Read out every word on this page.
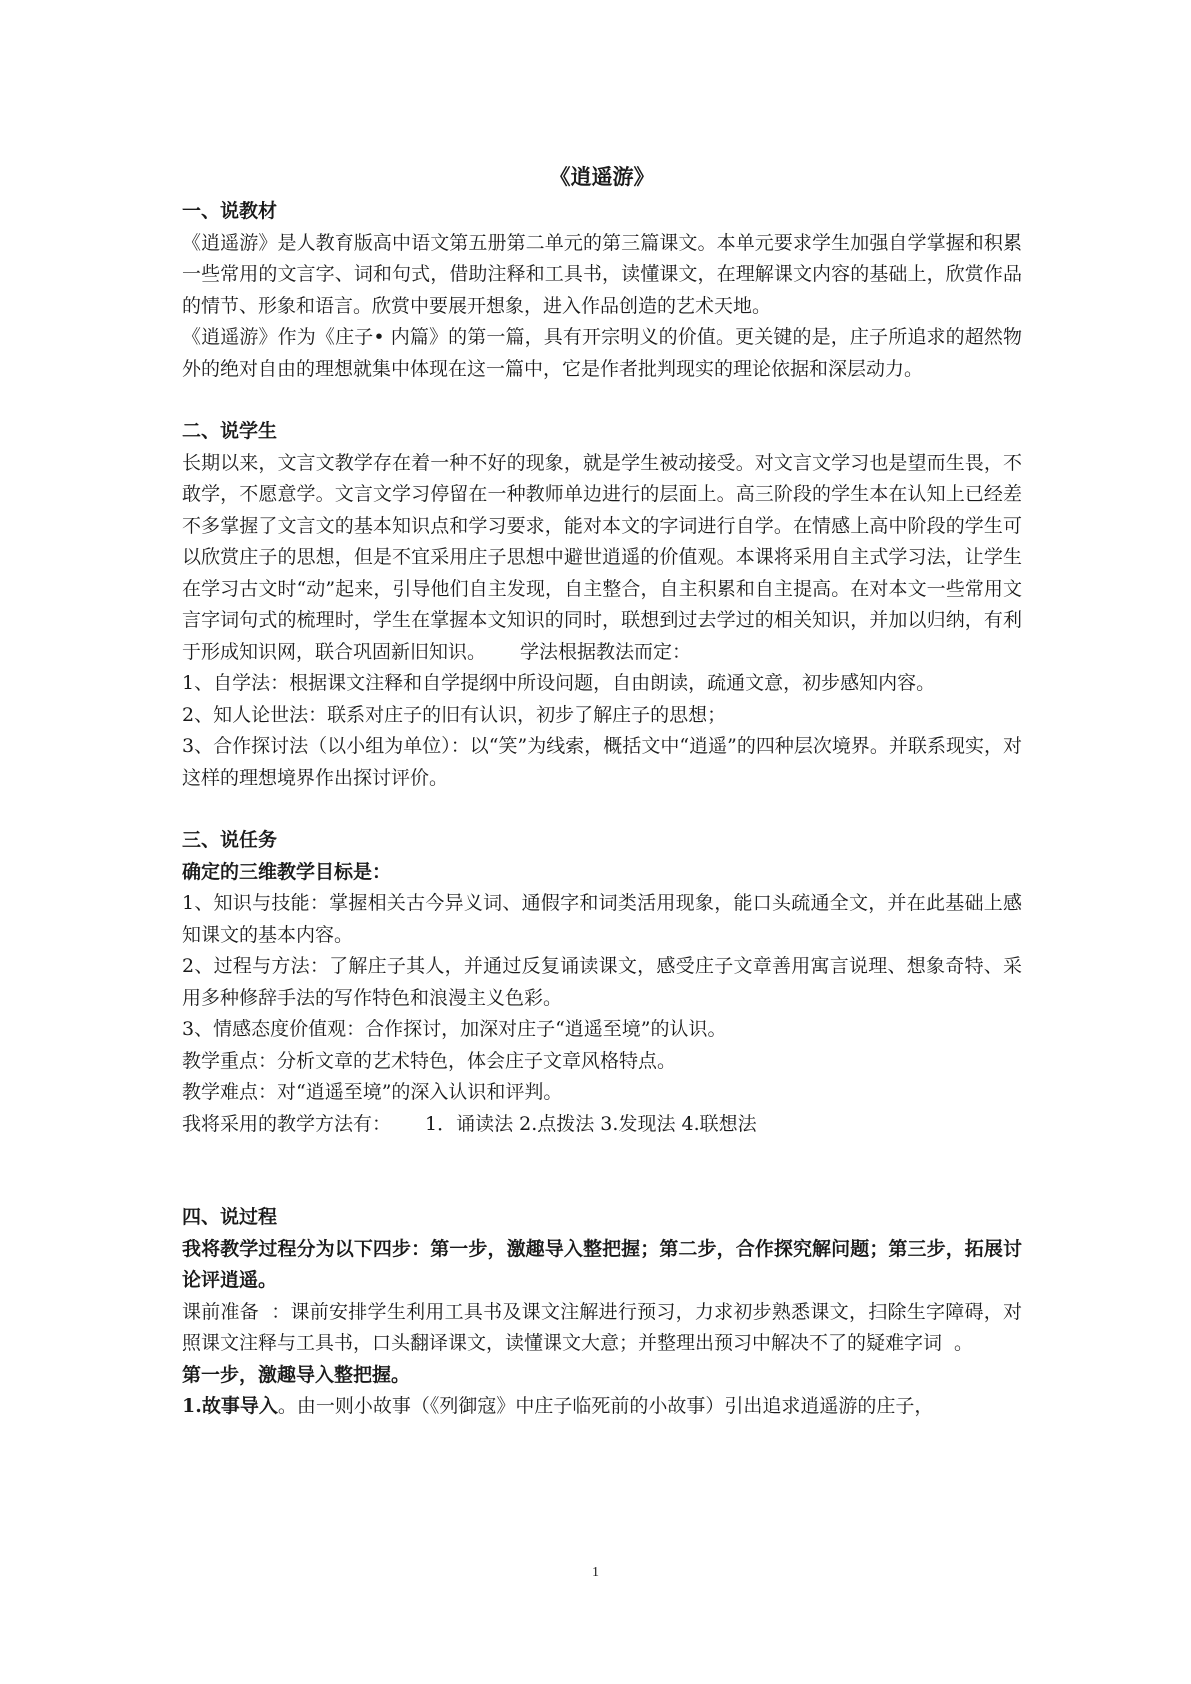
《逍遥游》

一、说教材

《逍遥游》是人教育版高中语文第五册第二单元的第三篇课文。本单元要求学生加强自学掌握和积累一些常用的文言字、词和句式，借助注释和工具书，读懂课文，在理解课文内容的基础上，欣赏作品的情节、形象和语言。欣赏中要展开想象，进入作品创造的艺术天地。

《逍遥游》作为《庄子• 内篇》的第一篇，具有开宗明义的价值。更关键的是，庄子所追求的超然物外的绝对自由的理想就集中体现在这一篇中，它是作者批判现实的理论依据和深层动力。

二、说学生

长期以来，文言文教学存在着一种不好的现象，就是学生被动接受。对文言文学习也是望而生畏，不敢学，不愿意学。文言文学习停留在一种教师单边进行的层面上。高三阶段的学生本在认知上已经差不多掌握了文言文的基本知识点和学习要求，能对本文的字词进行自学。在情感上高中阶段的学生可以欣赏庄子的思想，但是不宜采用庄子思想中避世逍遥的价值观。本课将采用自主式学习法，让学生在学习古文时“动”起来，引导他们自主发现，自主整合，自主积累和自主提高。在对本文一些常用文言字词句式的梳理时，学生在掌握本文知识的同时，联想到过去学过的相关知识，并加以归纳，有利于形成知识网，联合巩固新旧知识。 学法根据教法而定：

1、自学法：根据课文注释和自学提纲中所设问题，自由朗读，疏通文意，初步感知内容。

2、知人论世法：联系对庄子的旧有认识，初步了解庄子的思想；

3、合作探讨法（以小组为单位）：以“笑”为线索，概括文中“逍遥”的四种层次境界。并联系现实，对这样的理想境界作出探讨评价。

三、说任务

确定的三维教学目标是：

1、知识与技能：掌握相关古今异义词、通假字和词类活用现象，能口头疏通全文，并在此基础上感知课文的基本内容。

2、过程与方法：了解庄子其人，并通过反复诵读课文，感受庄子文章善用寓言说理、想象奇特、采用多种修辞手法的写作特色和浪漫主义色彩。

3、情感态度价值观：合作探讨，加深对庄子“逍遥至境”的认识。

教学重点：分析文章的艺术特色，体会庄子文章风格特点。

教学难点：对“逍遥至境”的深入认识和评判。

我将采用的教学方法有： 1．诵读法 2.点拨法 3.发现法 4.联想法

四、说过程

我将教学过程分为以下四步：第一步，激趣导入整把握；第二步，合作探究解问题；第三步，拓展讨论评逍遥。

课前准备 ：课前安排学生利用工具书及课文注解进行预习，力求初步熟悉课文，扫除生字障碍，对照课文注释与工具书，口头翻译课文，读懂课文大意；并整理出预习中解决不了的疑难字词 。

第一步，激趣导入整把握。

1.故事导入。由一则小故事（《列御寇》中庄子临死前的小故事）引出追求逍遥游的庄子，

1
